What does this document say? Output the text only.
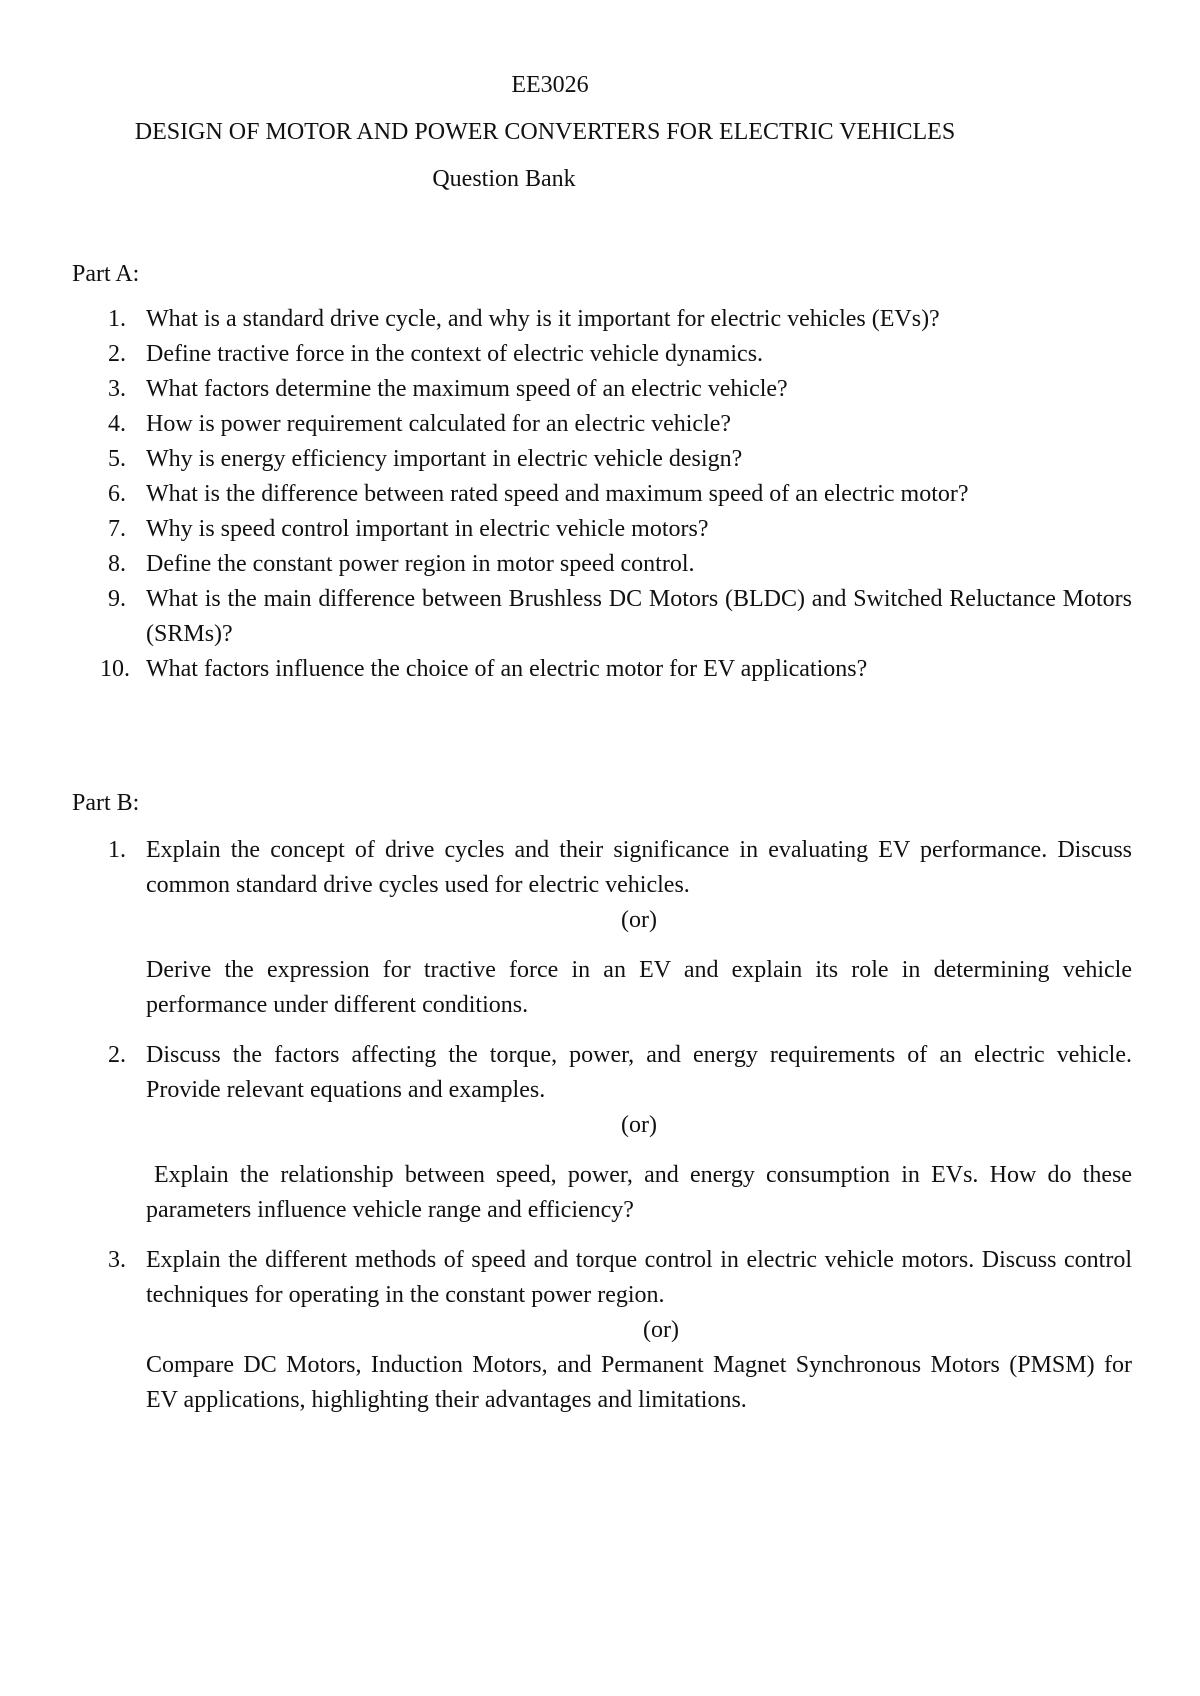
EE3026
DESIGN OF MOTOR AND POWER CONVERTERS FOR ELECTRIC VEHICLES
Question Bank
Part A:
1. What is a standard drive cycle, and why is it important for electric vehicles (EVs)?
2. Define tractive force in the context of electric vehicle dynamics.
3. What factors determine the maximum speed of an electric vehicle?
4. How is power requirement calculated for an electric vehicle?
5. Why is energy efficiency important in electric vehicle design?
6. What is the difference between rated speed and maximum speed of an electric motor?
7. Why is speed control important in electric vehicle motors?
8. Define the constant power region in motor speed control.
9. What is the main difference between Brushless DC Motors (BLDC) and Switched Reluctance Motors (SRMs)?
10. What factors influence the choice of an electric motor for EV applications?
Part B:
1. Explain the concept of drive cycles and their significance in evaluating EV performance. Discuss common standard drive cycles used for electric vehicles.
(or)
Derive the expression for tractive force in an EV and explain its role in determining vehicle performance under different conditions.
2. Discuss the factors affecting the torque, power, and energy requirements of an electric vehicle. Provide relevant equations and examples.
(or)
Explain the relationship between speed, power, and energy consumption in EVs. How do these parameters influence vehicle range and efficiency?
3. Explain the different methods of speed and torque control in electric vehicle motors. Discuss control techniques for operating in the constant power region.
(or)
Compare DC Motors, Induction Motors, and Permanent Magnet Synchronous Motors (PMSM) for EV applications, highlighting their advantages and limitations.
